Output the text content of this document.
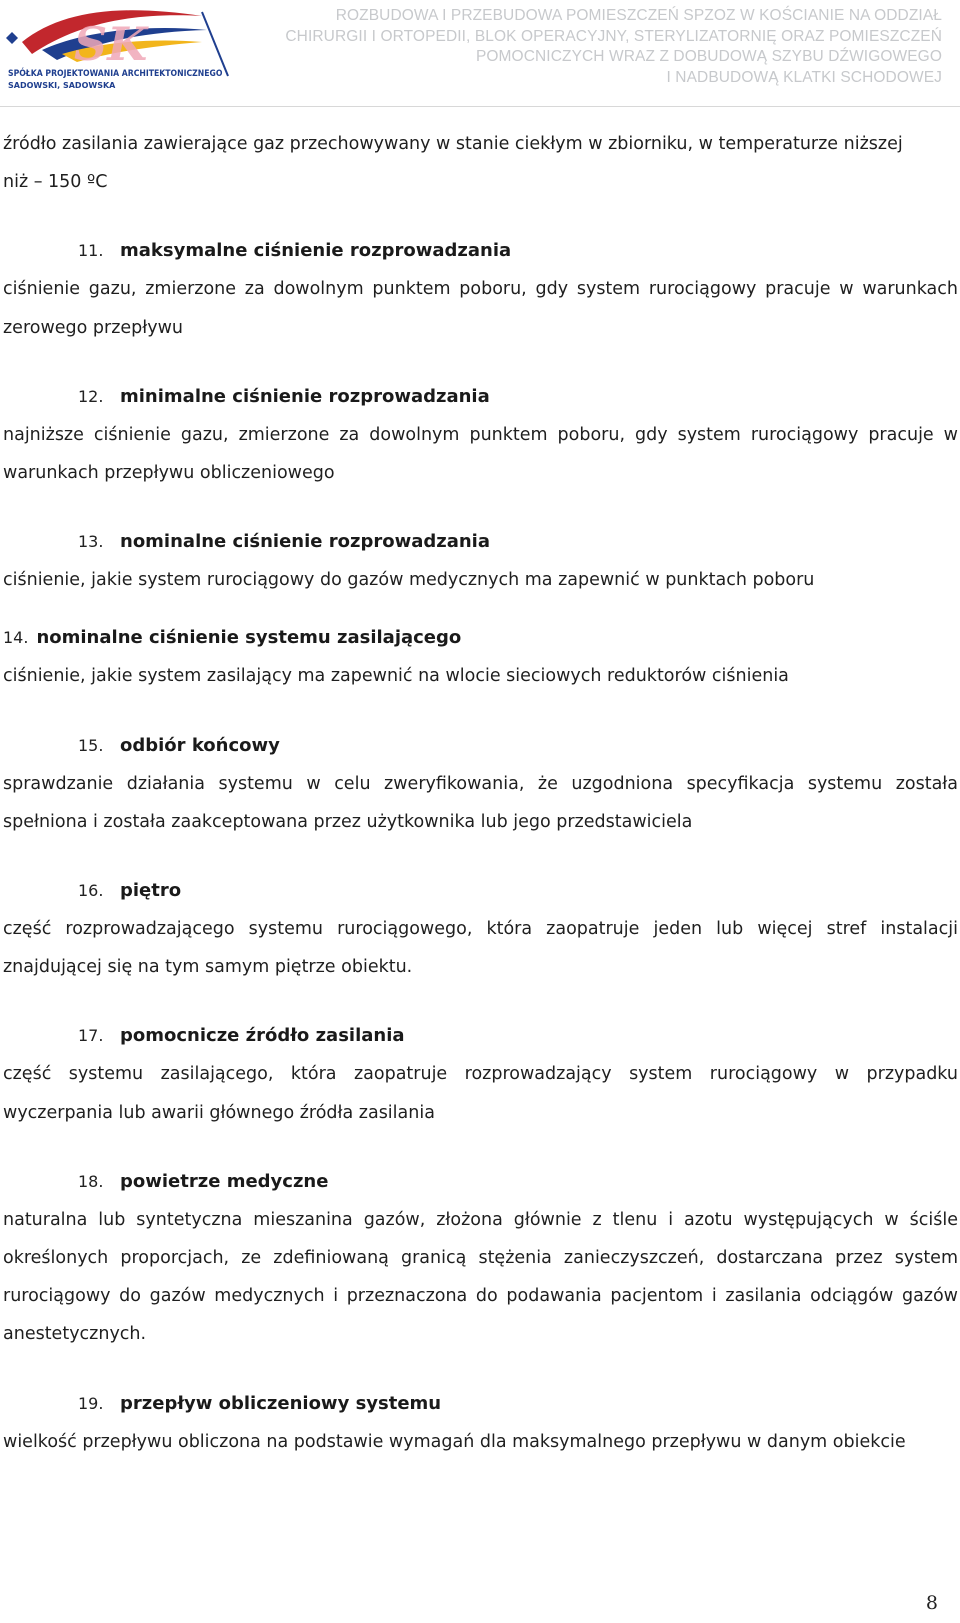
SK
SPÓŁKA PROJEKTOWANIA ARCHITEKTONICZNEGO
SADOWSKI, SADOWSKA
ROZBUDOWA I PRZEBUDOWA POMIESZCZEŃ SPZOZ W KOŚCIANIE NA ODDZIAŁ
CHIRURGII I ORTOPEDII, BLOK OPERACYJNY, STERYLIZATORNIĘ ORAZ POMIESZCZEŃ
POMOCNICZYCH WRAZ Z DOBUDOWĄ SZYBU DŹWIGOWEGO
I NADBUDOWĄ KLATKI SCHODOWEJ

źródło zasilania zawierające gaz przechowywany w stanie ciekłym w zbiorniku, w temperaturze niższej
niż – 150 ºC

11. maksymalne ciśnienie rozprowadzania

ciśnienie gazu, zmierzone za dowolnym punktem poboru, gdy system rurociągowy pracuje w warunkach zerowego przepływu

12. minimalne ciśnienie rozprowadzania

najniższe ciśnienie gazu, zmierzone za dowolnym punktem poboru, gdy system rurociągowy pracuje w warunkach przepływu obliczeniowego

13. nominalne ciśnienie rozprowadzania

ciśnienie, jakie system rurociągowy do gazów medycznych ma zapewnić w punktach poboru

14. nominalne ciśnienie systemu zasilającego

ciśnienie, jakie system zasilający ma zapewnić na wlocie sieciowych reduktorów ciśnienia

15. odbiór końcowy

sprawdzanie działania systemu w celu zweryfikowania, że uzgodniona specyfikacja systemu została spełniona i została zaakceptowana przez użytkownika lub jego przedstawiciela

16. piętro

część rozprowadzającego systemu rurociągowego, która zaopatruje jeden lub więcej stref instalacji znajdującej się na tym samym piętrze obiektu.

17. pomocnicze źródło zasilania

część systemu zasilającego, która zaopatruje rozprowadzający system rurociągowy w przypadku wyczerpania lub awarii głównego źródła zasilania

18. powietrze medyczne

naturalna lub syntetyczna mieszanina gazów, złożona głównie z tlenu i azotu występujących w ściśle określonych proporcjach, ze zdefiniowaną granicą stężenia zanieczyszczeń, dostarczana przez system rurociągowy do gazów medycznych i przeznaczona do podawania pacjentom i zasilania odciągów gazów anestetycznych.

19. przepływ obliczeniowy systemu

wielkość przepływu obliczona na podstawie wymagań dla maksymalnego przepływu w danym obiekcie

8
